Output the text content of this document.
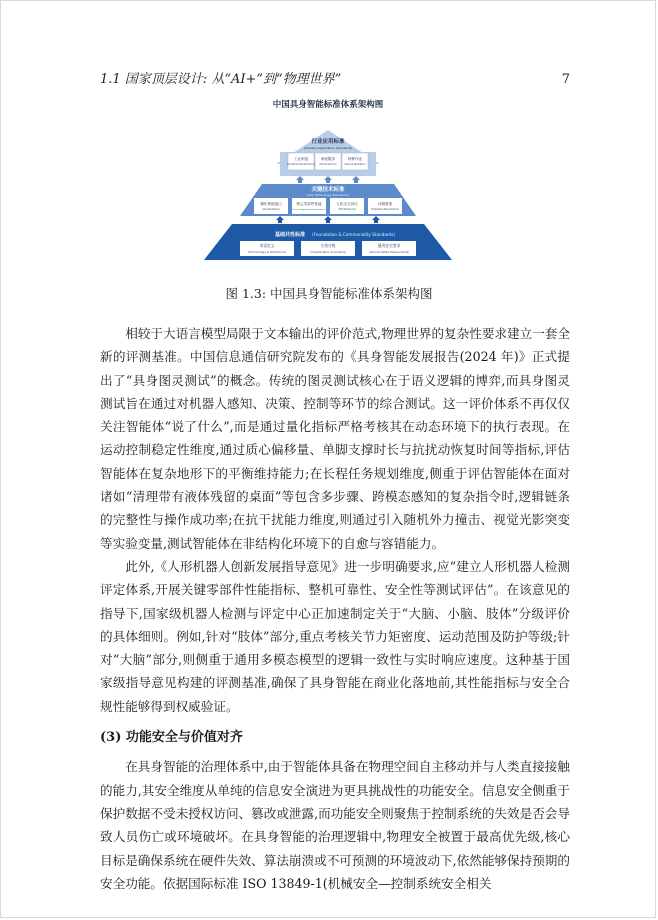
1.1 国家顶层设计: 从“AI+”到“物理世界”	7
中国具身智能标准体系架构图
行业应用标准
(Industry Application Standards)
工业制造
(Industrial Manufacturing)
家庭服务
(Home Service)
特种作业
(Special Operation)
关键技术标准
(Key Technology Standards)
操作系统接口
(OS Interfaces)
核心零部件性能
(Core Component Performance)
人机交互协议
(HRI Protocols)
评测基准
(Evaluation Benchmarks)
基础共性标准 (Foundation & Commonality Standards)
术语定义
(Terminology & Definitions)
分类分级
(Classification & Grading)
通用安全要求
(General Safety Requirements)
图 1.3: 中国具身智能标准体系架构图

相较于大语言模型局限于文本输出的评价范式,物理世界的复杂性要求建立一套全新的评测基准。中国信息通信研究院发布的《具身智能发展报告(2024 年)》正式提出了“具身图灵测试”的概念。传统的图灵测试核心在于语义逻辑的博弈,而具身图灵测试旨在通过对机器人感知、决策、控制等环节的综合测试。这一评价体系不再仅仅关注智能体“说了什么”,而是通过量化指标严格考核其在动态环境下的执行表现。在运动控制稳定性维度,通过质心偏移量、单脚支撑时长与抗扰动恢复时间等指标,评估智能体在复杂地形下的平衡维持能力;在长程任务规划维度,侧重于评估智能体在面对诸如“清理带有液体残留的桌面”等包含多步骤、跨模态感知的复杂指令时,逻辑链条的完整性与操作成功率;在抗干扰能力维度,则通过引入随机外力撞击、视觉光影突变等实验变量,测试智能体在非结构化环境下的自愈与容错能力。

此外,《人形机器人创新发展指导意见》进一步明确要求,应“建立人形机器人检测评定体系,开展关键零部件性能指标、整机可靠性、安全性等测试评估”。在该意见的指导下,国家级机器人检测与评定中心正加速制定关于“大脑、小脑、肢体”分级评价的具体细则。例如,针对“肢体”部分,重点考核关节力矩密度、运动范围及防护等级;针对“大脑”部分,则侧重于通用多模态模型的逻辑一致性与实时响应速度。这种基于国家级指导意见构建的评测基准,确保了具身智能在商业化落地前,其性能指标与安全合规性能够得到权威验证。

(3) 功能安全与价值对齐

在具身智能的治理体系中,由于智能体具备在物理空间自主移动并与人类直接接触的能力,其安全维度从单纯的信息安全演进为更具挑战性的功能安全。信息安全侧重于保护数据不受未授权访问、篡改或泄露,而功能安全则聚焦于控制系统的失效是否会导致人员伤亡或环境破坏。在具身智能的治理逻辑中,物理安全被置于最高优先级,核心目标是确保系统在硬件失效、算法崩溃或不可预测的环境波动下,依然能够保持预期的安全功能。依据国际标准 ISO 13849-1(机械安全—控制系统安全相关
